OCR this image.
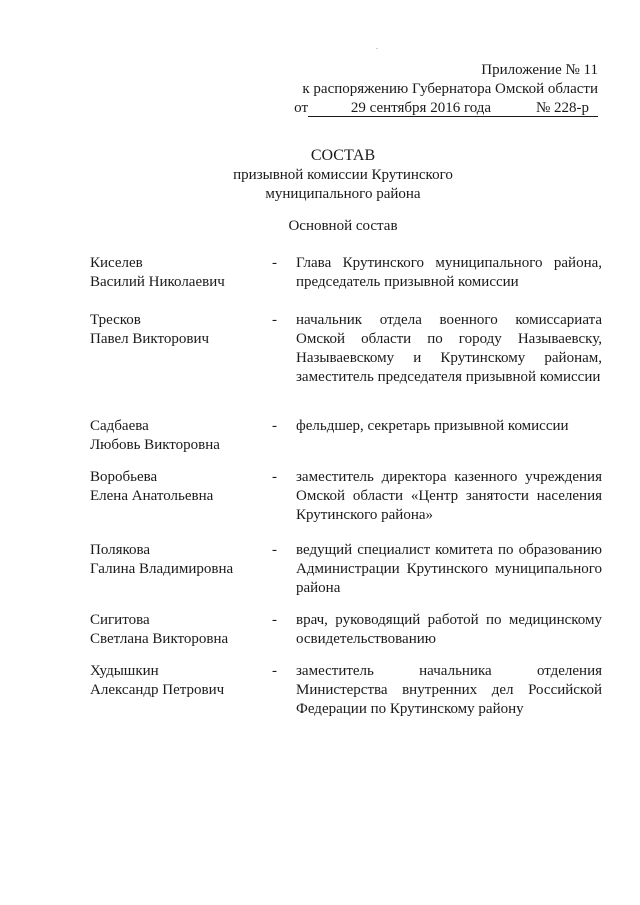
Приложение № 11
к распоряжению Губернатора Омской области
от	29 сентября 2016 года	№ 228-р
СОСТАВ
призывной комиссии Крутинского
муниципального района
Основной состав
Киселев
Василий Николаевич
-	Глава Крутинского муниципального района, председатель призывной комиссии
Тресков
Павел Викторович
-	начальник отдела военного комиссариата Омской области по городу Называевску, Называевскому и Крутинскому районам, заместитель председателя призывной комиссии
Садбаева
Любовь Викторовна
-	фельдшер, секретарь призывной комиссии
Воробьева
Елена Анатольевна
-	заместитель директора казенного учреждения Омской области «Центр занятости населения Крутинского района»
Полякова
Галина Владимировна
-	ведущий специалист комитета по образованию Администрации Крутинского муниципального района
Сигитова
Светлана Викторовна
-	врач, руководящий работой по медицинскому освидетельствованию
Худышкин
Александр Петрович
-	заместитель начальника отделения Министерства внутренних дел Российской Федерации по Крутинскому району
